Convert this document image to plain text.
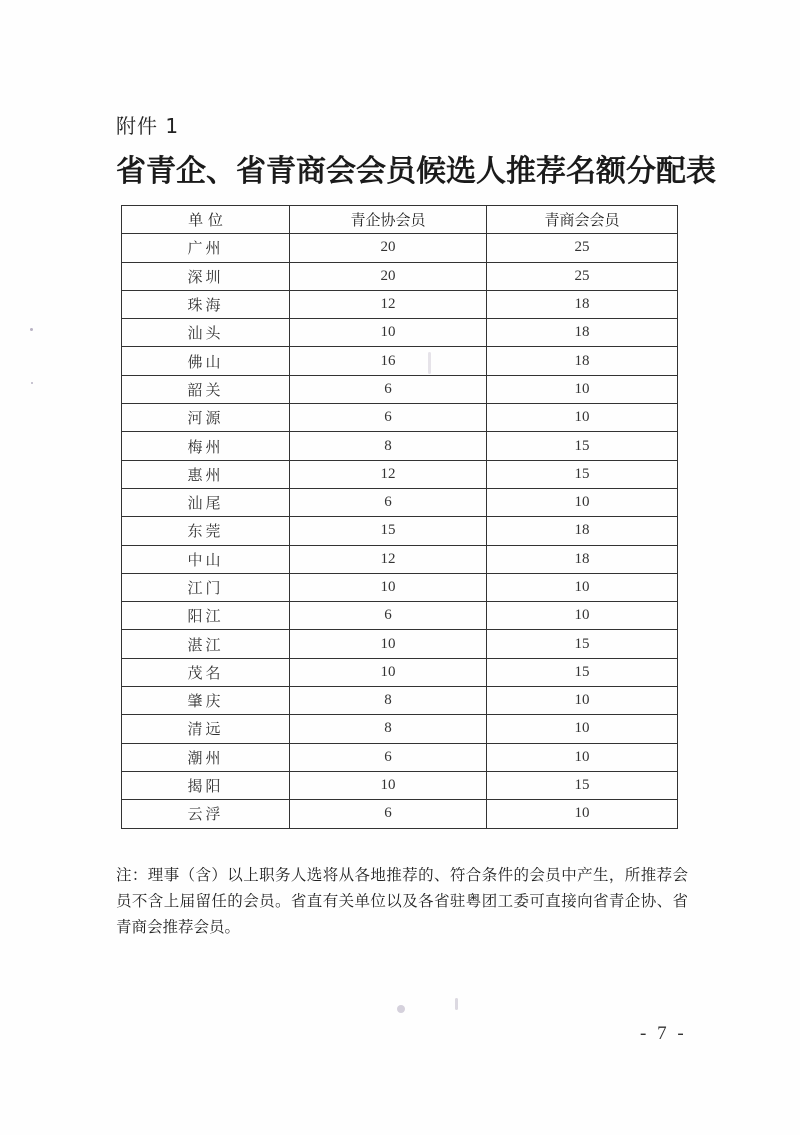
附件 1
省青企、省青商会会员候选人推荐名额分配表
单 位	青企协会员	青商会会员
广州	20	25
深圳	20	25
珠海	12	18
汕头	10	18
佛山	16	18
韶关	6	10
河源	6	10
梅州	8	15
惠州	12	15
汕尾	6	10
东莞	15	18
中山	12	18
江门	10	10
阳江	6	10
湛江	10	15
茂名	10	15
肇庆	8	10
清远	8	10
潮州	6	10
揭阳	10	15
云浮	6	10
注：理事（含）以上职务人选将从各地推荐的、符合条件的会员中产生，所推荐会员不含上届留任的会员。省直有关单位以及各省驻粤团工委可直接向省青企协、省青商会推荐会员。
- 7 -
